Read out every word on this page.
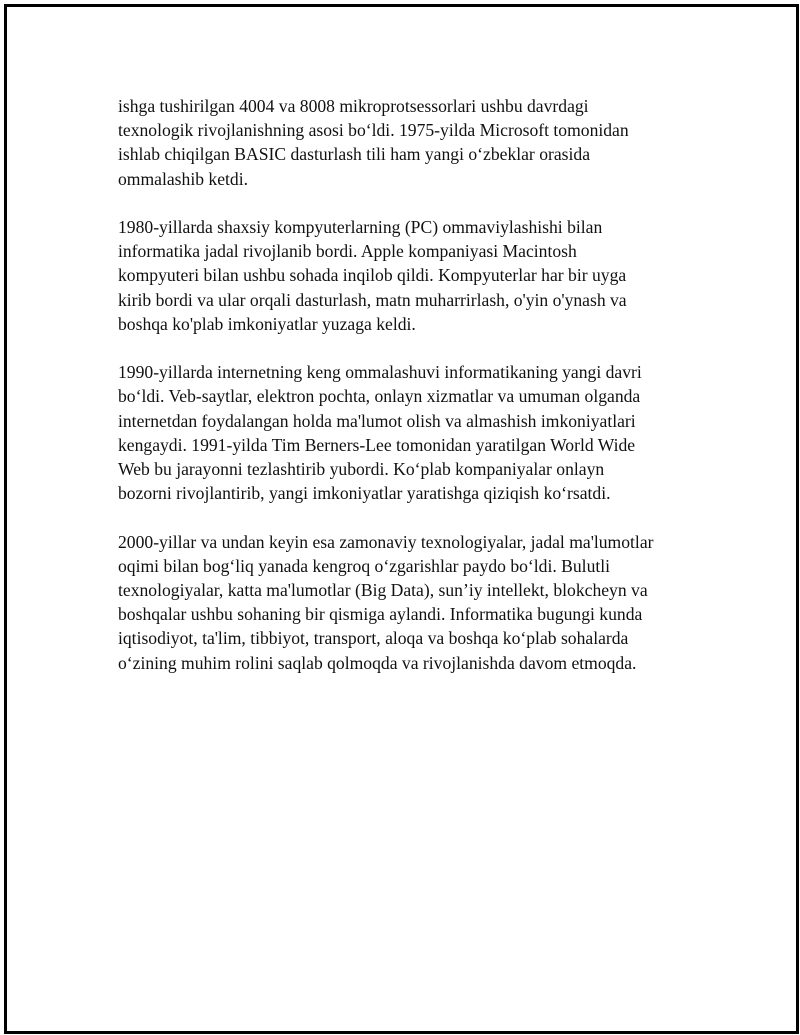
ishga tushirilgan 4004 va 8008 mikroprotsessorlari ushbu davrdagi
texnologik rivojlanishning asosi bo‘ldi. 1975-yilda Microsoft tomonidan
ishlab chiqilgan BASIC dasturlash tili ham yangi o‘zbeklar orasida
ommalashib ketdi.

1980-yillarda shaxsiy kompyuterlarning (PC) ommaviylashishi bilan
informatika jadal rivojlanib bordi. Apple kompaniyasi Macintosh
kompyuteri bilan ushbu sohada inqilob qildi. Kompyuterlar har bir uyga
kirib bordi va ular orqali dasturlash, matn muharrirlash, o'yin o'ynash va
boshqa ko'plab imkoniyatlar yuzaga keldi.

1990-yillarda internetning keng ommalashuvi informatikaning yangi davri
bo‘ldi. Veb-saytlar, elektron pochta, onlayn xizmatlar va umuman olganda
internetdan foydalangan holda ma'lumot olish va almashish imkoniyatlari
kengaydi. 1991-yilda Tim Berners-Lee tomonidan yaratilgan World Wide
Web bu jarayonni tezlashtirib yubordi. Ko‘plab kompaniyalar onlayn
bozorni rivojlantirib, yangi imkoniyatlar yaratishga qiziqish ko‘rsatdi.

2000-yillar va undan keyin esa zamonaviy texnologiyalar, jadal ma'lumotlar
oqimi bilan bog‘liq yanada kengroq o‘zgarishlar paydo bo‘ldi. Bulutli
texnologiyalar, katta ma'lumotlar (Big Data), sun’iy intellekt, blokcheyn va
boshqalar ushbu sohaning bir qismiga aylandi. Informatika bugungi kunda
iqtisodiyot, ta'lim, tibbiyot, transport, aloqa va boshqa ko‘plab sohalarda
o‘zining muhim rolini saqlab qolmoqda va rivojlanishda davom etmoqda.
